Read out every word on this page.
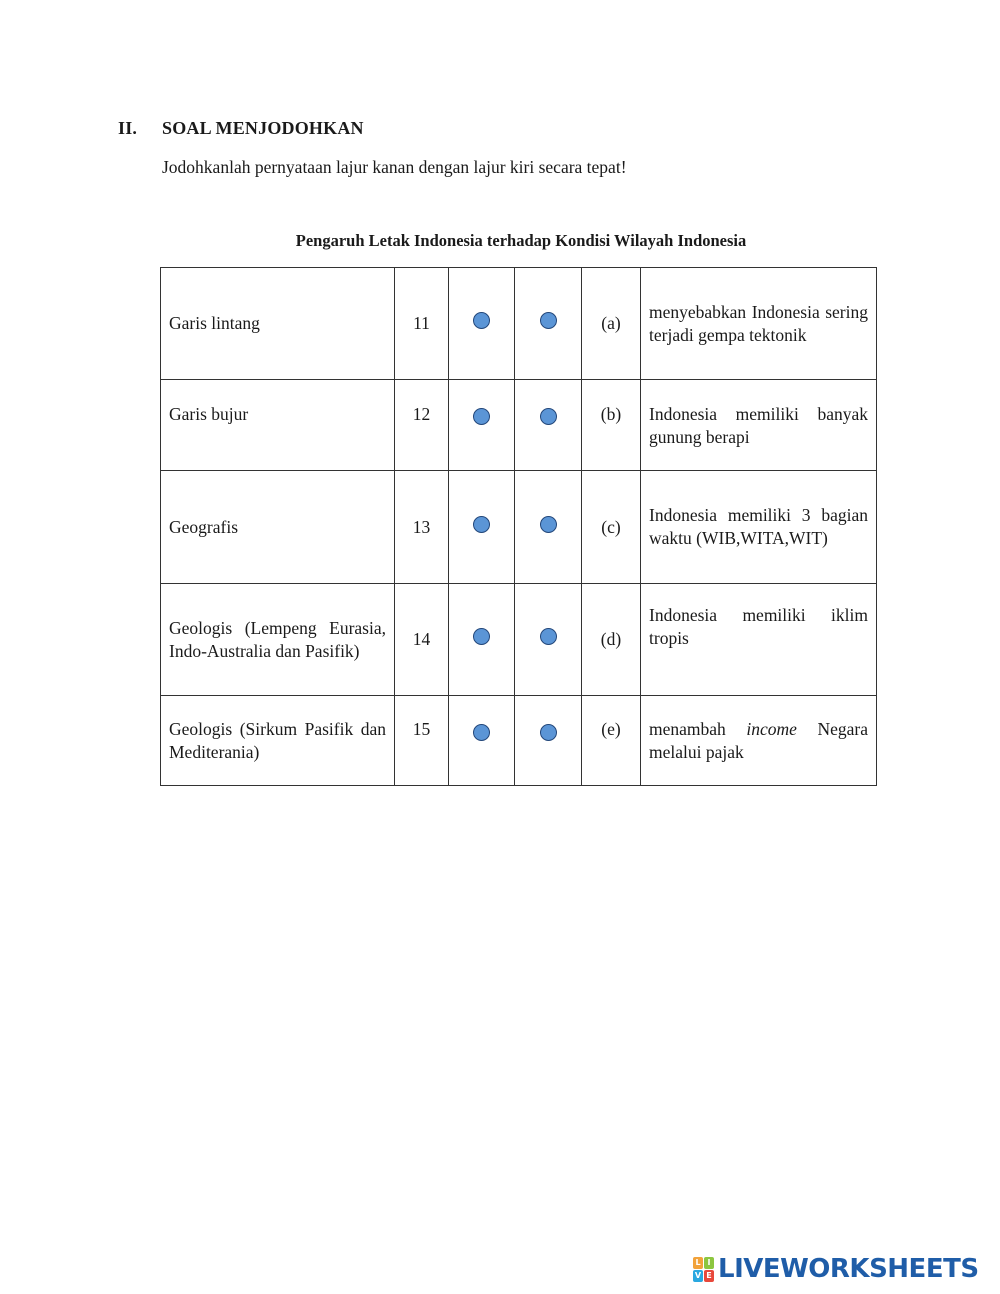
II. SOAL MENJODOHKAN
Jodohkanlah pernyataan lajur kanan dengan lajur kiri secara tepat!
Pengaruh Letak Indonesia terhadap Kondisi Wilayah Indonesia
Garis lintang	11			(a)	menyebabkan Indonesia sering terjadi gempa tektonik
Garis bujur	12			(b)	Indonesia memiliki banyak gunung berapi
Geografis	13			(c)	Indonesia memiliki 3 bagian waktu (WIB,WITA,WIT)
Geologis (Lempeng Eurasia, Indo-Australia dan Pasifik)	14			(d)	Indonesia memiliki iklim tropis
Geologis (Sirkum Pasifik dan Mediterania)	15			(e)	menambah income Negara melalui pajak
L I
V E LIVEWORKSHEETS
